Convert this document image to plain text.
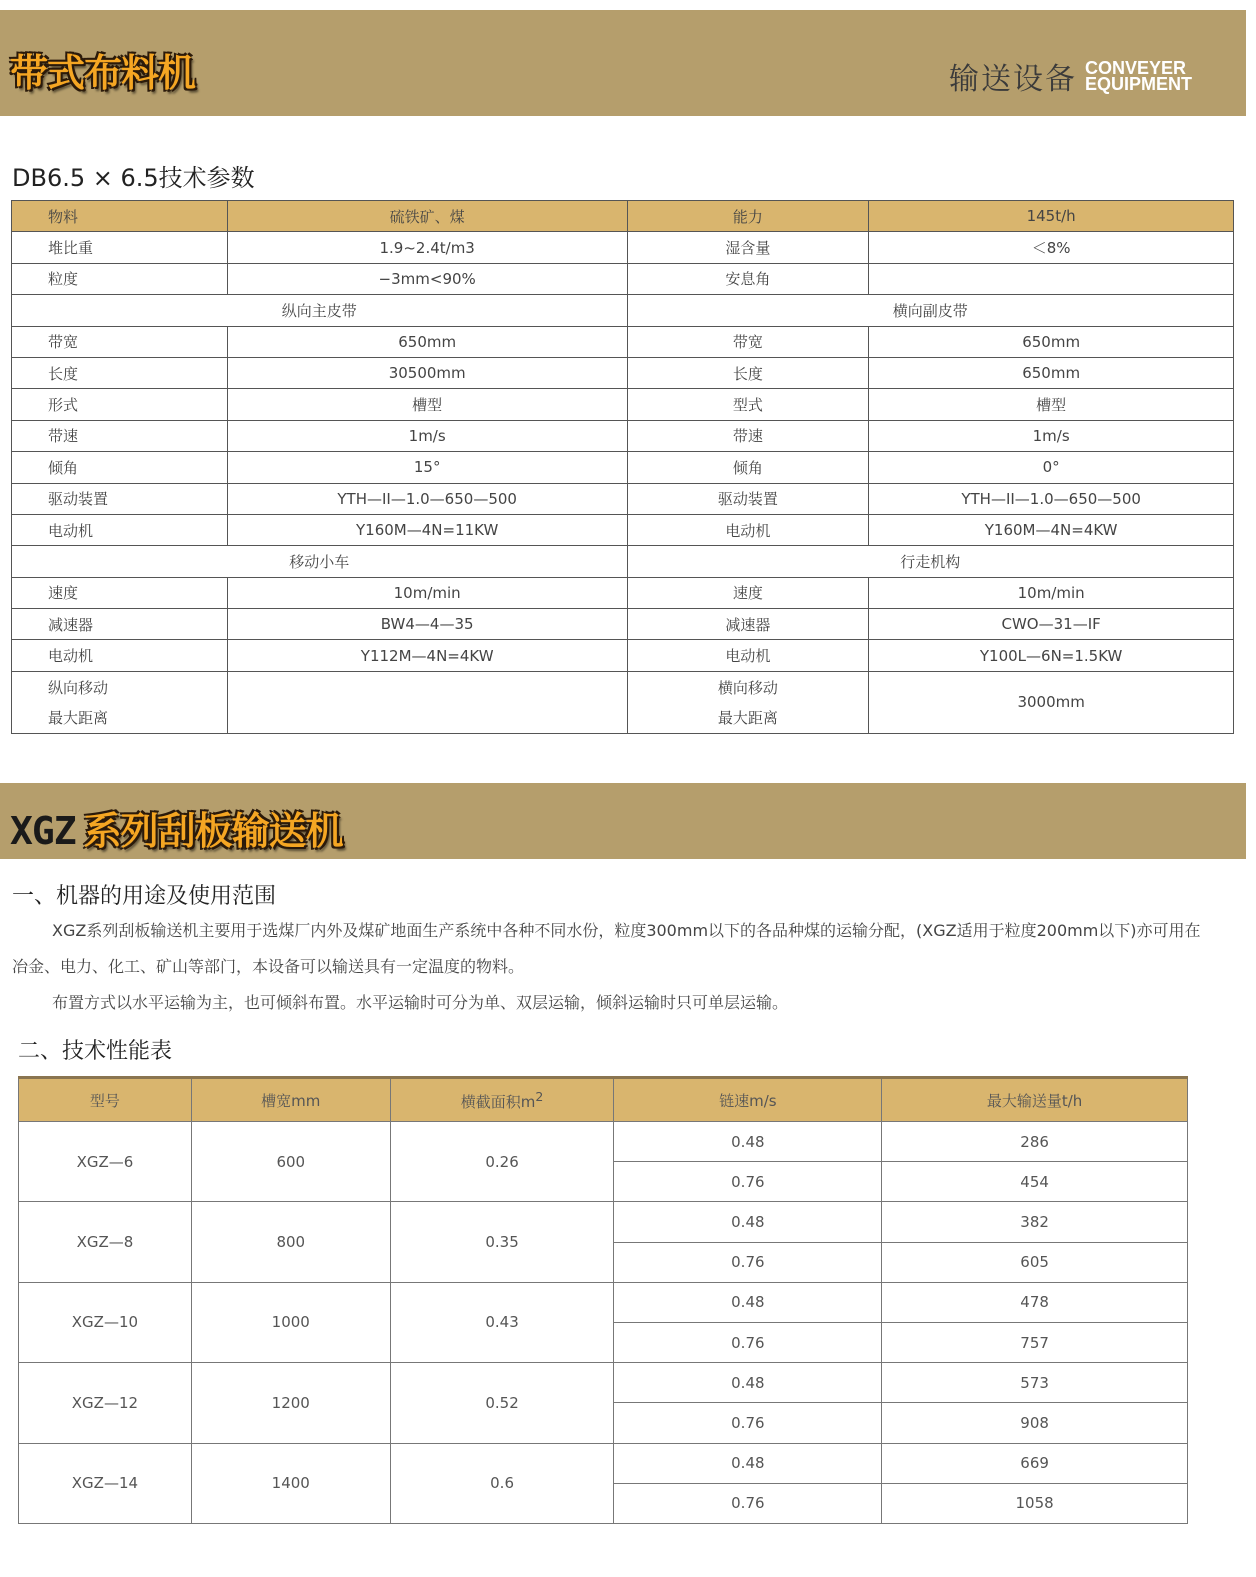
带式布料机	输送设备 CONVEYER
EQUIPMENT
DB6.5 × 6.5技术参数
物料	硫铁矿、煤	能力	145t/h
堆比重	1.9~2.4t/m3	湿含量	＜8%
粒度	−3mm<90%	安息角	
纵向主皮带		横向副皮带	
带宽	650mm	带宽	650mm
长度	30500mm	长度	650mm
形式	槽型	型式	槽型
带速	1m/s	带速	1m/s
倾角	15°	倾角	0°
驱动装置	YTH—II—1.0—650—500	驱动装置	YTH—II—1.0—650—500
电动机	Y160M—4N=11KW	电动机	Y160M—4N=4KW
移动小车		行走机构	
速度	10m/min	速度	10m/min
减速器	BW4—4—35	减速器	CWO—31—IF
电动机	Y112M—4N=4KW	电动机	Y100L—6N=1.5KW
纵向移动		横向移动	3000mm
最大距离		最大距离	
XGZ 系列刮板输送机
一、机器的用途及使用范围
XGZ系列刮板输送机主要用于选煤厂内外及煤矿地面生产系统中各种不同水份，粒度300mm以下的各品种煤的运输分配，(XGZ适用于粒度200mm以下)亦可用在冶金、电力、化工、矿山等部门，本设备可以输送具有一定温度的物料。
布置方式以水平运输为主，也可倾斜布置。水平运输时可分为单、双层运输，倾斜运输时只可单层运输。
二、技术性能表
型号	槽宽mm	横截面积$m^2$	链速m/s	最大输送量t/h
XGZ—6	600	0.26	0.48	286
			0.76	454
XGZ—8	800	0.35	0.48	382
			0.76	605
XGZ—10	1000	0.43	0.48	478
			0.76	757
XGZ—12	1200	0.52	0.48	573
			0.76	908
XGZ—14	1400	0.6	0.48	669
			0.76	1058
